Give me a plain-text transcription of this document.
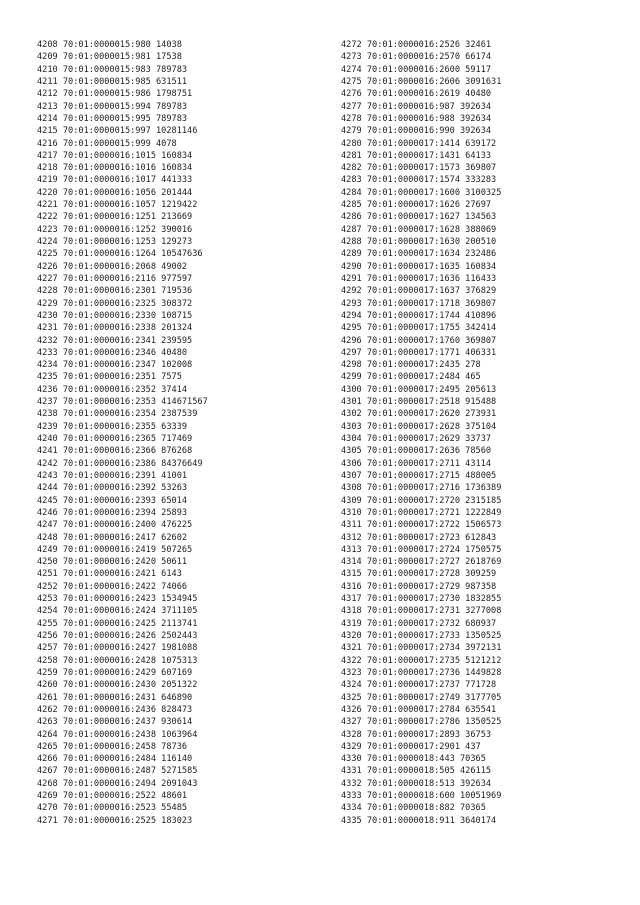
4208 70:01:0000015:980 14038
4209 70:01:0000015:981 17538
4210 70:01:0000015:983 789783
4211 70:01:0000015:985 631511
4212 70:01:0000015:986 1798751
4213 70:01:0000015:994 789783
4214 70:01:0000015:995 789783
4215 70:01:0000015:997 10281146
4216 70:01:0000015:999 4078
4217 70:01:0000016:1015 160834
4218 70:01:0000016:1016 160834
4219 70:01:0000016:1017 441333
4220 70:01:0000016:1056 201444
4221 70:01:0000016:1057 1219422
4222 70:01:0000016:1251 213669
4223 70:01:0000016:1252 390016
4224 70:01:0000016:1253 129273
4225 70:01:0000016:1264 10547636
4226 70:01:0000016:2068 49002
4227 70:01:0000016:2116 977597
4228 70:01:0000016:2301 719536
4229 70:01:0000016:2325 308372
4230 70:01:0000016:2330 108715
4231 70:01:0000016:2338 201324
4232 70:01:0000016:2341 239595
4233 70:01:0000016:2346 40480
4234 70:01:0000016:2347 102008
4235 70:01:0000016:2351 7575
4236 70:01:0000016:2352 37414
4237 70:01:0000016:2353 414671567
4238 70:01:0000016:2354 2387539
4239 70:01:0000016:2355 63339
4240 70:01:0000016:2365 717469
4241 70:01:0000016:2366 876268
4242 70:01:0000016:2386 84376649
4243 70:01:0000016:2391 41001
4244 70:01:0000016:2392 53263
4245 70:01:0000016:2393 65014
4246 70:01:0000016:2394 25893
4247 70:01:0000016:2400 476225
4248 70:01:0000016:2417 62602
4249 70:01:0000016:2419 507265
4250 70:01:0000016:2420 50611
4251 70:01:0000016:2421 6143
4252 70:01:0000016:2422 74066
4253 70:01:0000016:2423 1534945
4254 70:01:0000016:2424 3711105
4255 70:01:0000016:2425 2113741
4256 70:01:0000016:2426 2502443
4257 70:01:0000016:2427 1981088
4258 70:01:0000016:2428 1075313
4259 70:01:0000016:2429 607169
4260 70:01:0000016:2430 2051322
4261 70:01:0000016:2431 646890
4262 70:01:0000016:2436 828473
4263 70:01:0000016:2437 930614
4264 70:01:0000016:2438 1063964
4265 70:01:0000016:2458 78736
4266 70:01:0000016:2484 116140
4267 70:01:0000016:2487 5271585
4268 70:01:0000016:2494 2091043
4269 70:01:0000016:2522 48601
4270 70:01:0000016:2523 55485
4271 70:01:0000016:2525 183023
4272 70:01:0000016:2526 32461
4273 70:01:0000016:2570 66174
4274 70:01:0000016:2600 59117
4275 70:01:0000016:2606 3091631
4276 70:01:0000016:2619 40480
4277 70:01:0000016:987 392634
4278 70:01:0000016:988 392634
4279 70:01:0000016:990 392634
4280 70:01:0000017:1414 639172
4281 70:01:0000017:1431 64133
4282 70:01:0000017:1573 369807
4283 70:01:0000017:1574 333283
4284 70:01:0000017:1600 3100325
4285 70:01:0000017:1626 27697
4286 70:01:0000017:1627 134563
4287 70:01:0000017:1628 388069
4288 70:01:0000017:1630 200510
4289 70:01:0000017:1634 232486
4290 70:01:0000017:1635 160834
4291 70:01:0000017:1636 116433
4292 70:01:0000017:1637 376829
4293 70:01:0000017:1718 369807
4294 70:01:0000017:1744 410896
4295 70:01:0000017:1755 342414
4296 70:01:0000017:1760 369807
4297 70:01:0000017:1771 406331
4298 70:01:0000017:2435 278
4299 70:01:0000017:2484 465
4300 70:01:0000017:2495 205613
4301 70:01:0000017:2518 915488
4302 70:01:0000017:2620 273931
4303 70:01:0000017:2628 375104
4304 70:01:0000017:2629 33737
4305 70:01:0000017:2636 78560
4306 70:01:0000017:2711 43114
4307 70:01:0000017:2715 488005
4308 70:01:0000017:2716 1736389
4309 70:01:0000017:2720 2315185
4310 70:01:0000017:2721 1222849
4311 70:01:0000017:2722 1506573
4312 70:01:0000017:2723 612843
4313 70:01:0000017:2724 1750575
4314 70:01:0000017:2727 2618769
4315 70:01:0000017:2728 309259
4316 70:01:0000017:2729 987358
4317 70:01:0000017:2730 1832855
4318 70:01:0000017:2731 3277008
4319 70:01:0000017:2732 680937
4320 70:01:0000017:2733 1350525
4321 70:01:0000017:2734 3972131
4322 70:01:0000017:2735 5121212
4323 70:01:0000017:2736 1449828
4324 70:01:0000017:2737 771728
4325 70:01:0000017:2749 3177705
4326 70:01:0000017:2784 635541
4327 70:01:0000017:2786 1350525
4328 70:01:0000017:2893 36753
4329 70:01:0000017:2901 437
4330 70:01:0000018:443 70365
4331 70:01:0000018:505 426115
4332 70:01:0000018:513 392634
4333 70:01:0000018:600 10051969
4334 70:01:0000018:882 70365
4335 70:01:0000018:911 3640174
